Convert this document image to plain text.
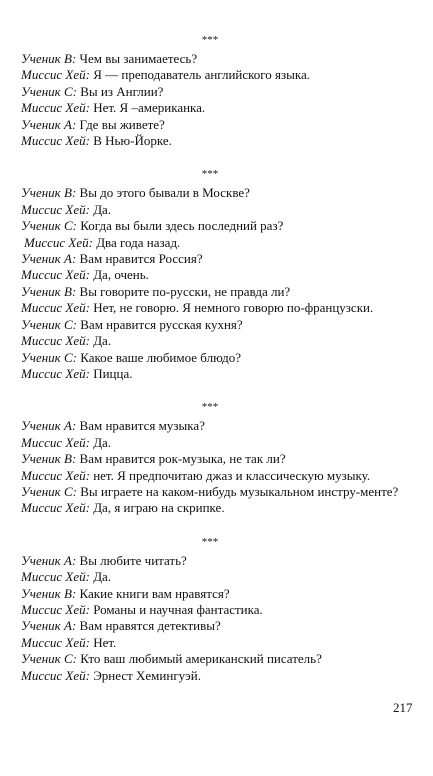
***
Ученик В: Чем вы занимаетесь?
Миссис Хей: Я — преподаватель английского языка.
Ученик С: Вы из Англии?
Миссис Хей: Нет. Я –американка.
Ученик А: Где вы живете?
Миссис Хей: В Нью-Йорке.
***
Ученик В: Вы до этого бывали в Москве?
Миссис Хей: Да.
Ученик С: Когда вы были здесь последний раз?
Миссис Хей: Два года назад.
Ученик А: Вам нравится Россия?
Миссис Хей: Да, очень.
Ученик В: Вы говорите по-русски, не правда ли?
Миссис Хей: Нет, не говорю. Я немного говорю по-французски.
Ученик С: Вам нравится русская кухня?
Миссис Хей: Да.
Ученик С: Какое ваше любимое блюдо?
Миссис Хей: Пицца.
***
Ученик А: Вам нравится музыка?
Миссис Хей: Да.
Ученик В: Вам нравится рок-музыка, не так ли?
Миссис Хей: нет. Я предпочитаю джаз и классическую музыку.
Ученик С: Вы играете на каком-нибудь музыкальном инстру-менте?
Миссис Хей: Да, я играю на скрипке.
***
Ученик А: Вы любите читать?
Миссис Хей: Да.
Ученик В: Какие книги вам нравятся?
Миссис Хей: Романы и научная фантастика.
Ученик А: Вам нравятся детективы?
Миссис Хей: Нет.
Ученик С: Кто ваш любимый американский писатель?
Миссис Хей: Эрнест Хемингуэй.
217
